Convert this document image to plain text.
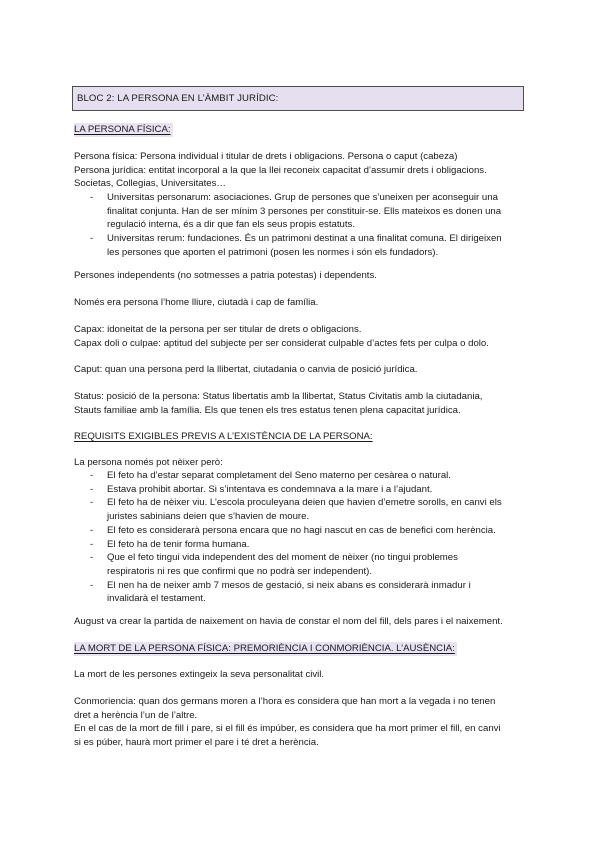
BLOC 2: LA PERSONA EN L’ÀMBIT JURÍDIC:
LA PERSONA FÍSICA:

Persona física: Persona individual i titular de drets i obligacions. Persona o caput (cabeza)

Persona jurídica: entitat incorporal a la que la llei reconeix capacitat d’assumir drets i obligacions.

Societas, Collegias, Universitates…

- Universitas personarum: asociaciones. Grup de persones que s’uneixen per aconseguir una
finalitat conjunta. Han de ser mínim 3 persones per constituir-se. Ells mateixos es donen una
regulació interna, és a dir que fan els seus propis estatuts.
- Universitas rerum: fundaciones. És un patrimoni destinat a una finalitat comuna. El dirigeixen
les persones que aporten el patrimoni (posen les normes i són els fundadors).

Persones independents (no sotmesses a patria potestas) i dependents.

Només era persona l’home lliure, ciutadà i cap de família.

Capax: idoneitat de la persona per ser titular de drets o obligacions.

Capax doli o culpae: aptitud del subjecte per ser considerat culpable d’actes fets per culpa o dolo.

Caput: quan una persona perd la llibertat, ciutadania o canvia de posició jurídica.

Status: posició de la persona: Status libertatis amb la llibertat, Status Civitatis amb la ciutadania,

Stauts familiae amb la família. Els que tenen els tres estatus tenen plena capacitat jurídica.

REQUISITS EXIGIBLES PREVIS A L’EXISTÈNCIA DE LA PERSONA:

La persona només pot nèixer però:

- El feto ha d’estar separat completament del Seno materno per cesàrea o natural.
- Estava prohibit abortar. Si s’intentava es condemnava a la mare i a l’ajudant.
- El feto ha de nèixer viu. L’escola proculeyana deien que havien d’emetre sorolls, en canvi els
juristes sabinians deien que s’havien de moure.
- El feto es considerarà persona encara que no hagi nascut en cas de benefici com herència.
- El feto ha de tenir forma humana.
- Que el feto tingui vida independent des del moment de nèixer (no tingui problemes
respiratoris ni res que confirmi que no podrà ser independent).
- El nen ha de neixer amb 7 mesos de gestació, si neix abans es considerarà inmadur i
invalidarà el testament.

August va crear la partida de naixement on havia de constar el nom del fill, dels pares i el naixement.

LA MORT DE LA PERSONA FÍSICA: PREMORIÈNCIA I CONMORIÈNCIA. L’AUSÈNCIA:

La mort de les persones extingeix la seva personalitat civil.

Conmoriencia: quan dos germans moren a l’hora es considera que han mort a la vegada i no tenen

dret a herència l’un de l’altre.

En el cas de la mort de fill i pare, si el fill és impúber, es considera que ha mort primer el fill, en canvi

si es púber, haurà mort primer el pare i té dret a herència.
